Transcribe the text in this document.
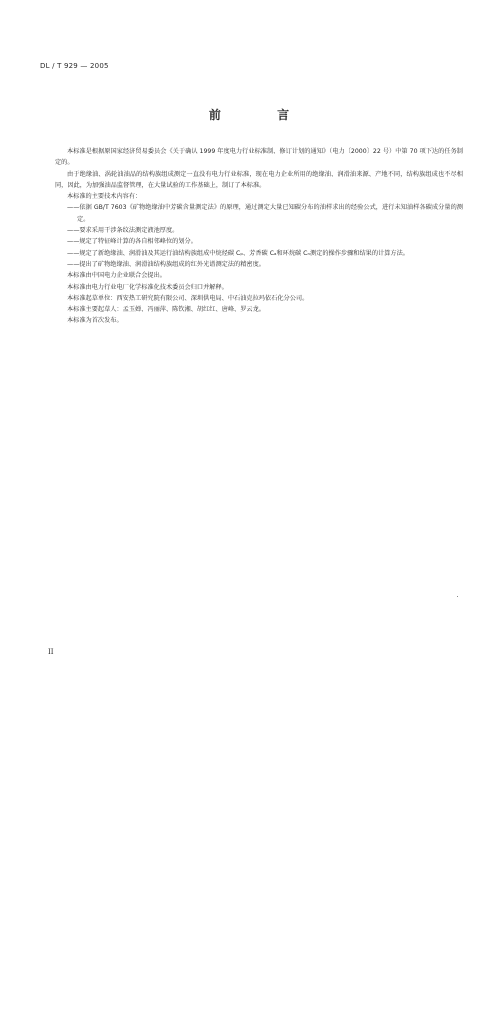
DL / T 929 — 2005
前 言

本标准是根据原国家经济贸易委员会《关于确认 1999 年度电力行业标准制、修订计划的通知》（电力〔2000〕22 号）中第 70 项下达的任务制定的。

由于绝缘油、涡轮油油品的结构族组成测定一直没有电力行业标准，现在电力企业所用的绝缘油、润滑油来源、产地不同，结构族组成也不尽相同，因此，为加强油品监督管理，在大量试验的工作基础上，制订了本标准。

本标准的主要技术内容有：

——依据 GB/T 7603《矿物绝缘油中芳碳含量测定法》的原理，通过测定大量已知碳分布的油样求出的经验公式，进行未知油样各碳成分量的测定。

——要求采用干涉条纹法测定液池厚度。

——规定了特征峰计算的各自相邻峰位的划分。

——规定了新绝缘油、润滑油及其运行油结构族组成中烷烃碳 Cₚ、芳香碳 Cₐ和环烷碳 Cₙ测定的操作步骤和结果的计算方法。

——提出了矿物绝缘油、润滑油结构族组成的红外光谱测定法的精密度。

本标准由中国电力企业联合会提出。

本标准由电力行业电厂化学标准化技术委员会归口并解释。

本标准起草单位：西安热工研究院有限公司、深圳供电局、中石油克拉玛依石化分公司。

本标准主要起草人：孟玉婵、冯丽萍、陈钦湘、胡红红、唐峰、罗云龙。

本标准为首次发布。

II
